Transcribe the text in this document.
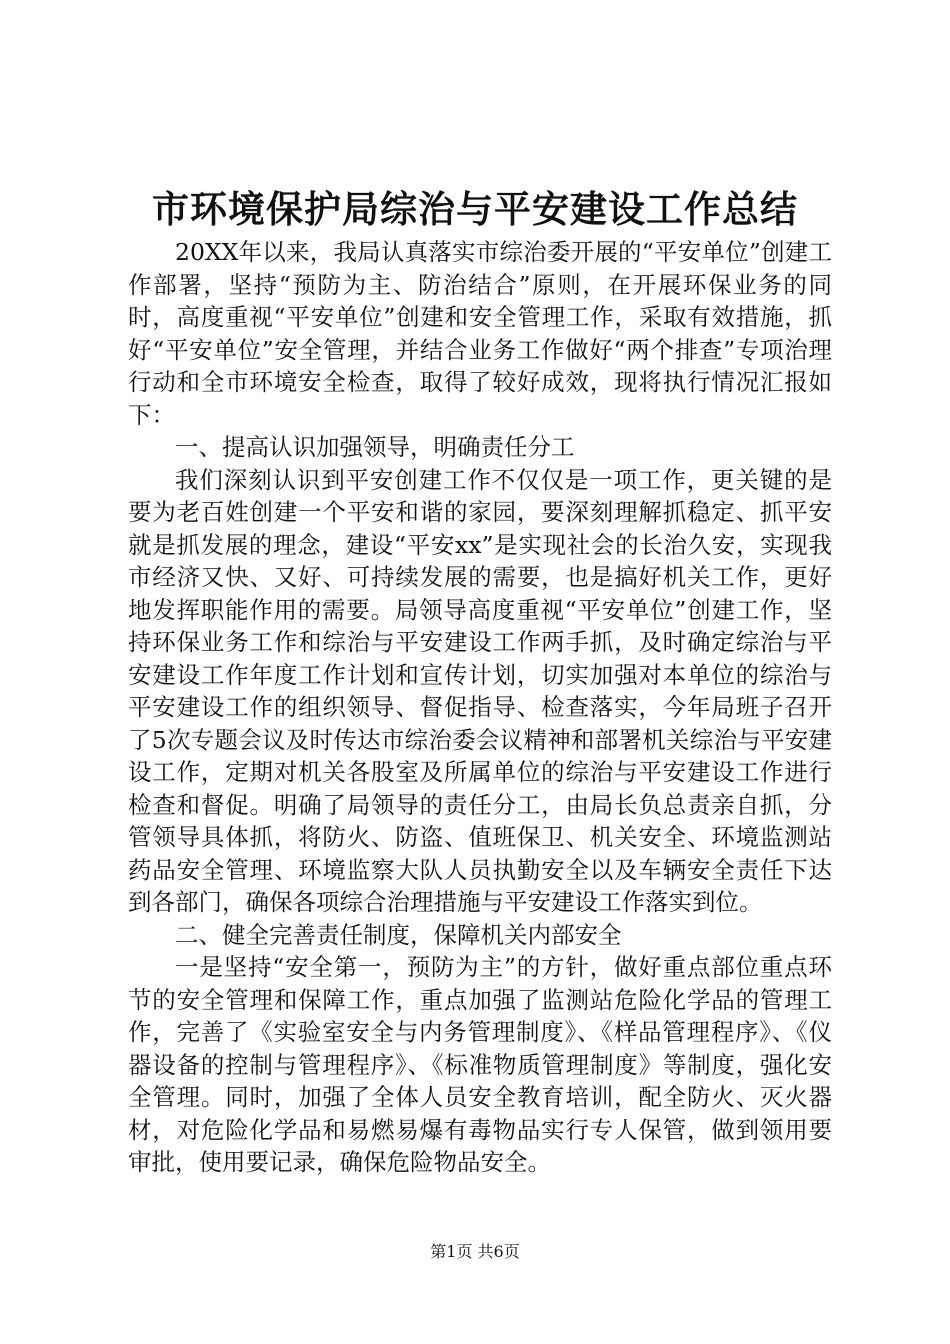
市环境保护局综治与平安建设工作总结

20XX年以来，我局认真落实市综治委开展的“平安单位”创建工作部署，坚持“预防为主、防治结合”原则，在开展环保业务的同时，高度重视“平安单位”创建和安全管理工作，采取有效措施，抓好“平安单位”安全管理，并结合业务工作做好“两个排查”专项治理行动和全市环境安全检查，取得了较好成效，现将执行情况汇报如下：

一、提高认识加强领导，明确责任分工

我们深刻认识到平安创建工作不仅仅是一项工作，更关键的是要为老百姓创建一个平安和谐的家园，要深刻理解抓稳定、抓平安就是抓发展的理念，建设“平安xx”是实现社会的长治久安，实现我市经济又快、又好、可持续发展的需要，也是搞好机关工作，更好地发挥职能作用的需要。局领导高度重视“平安单位”创建工作，坚持环保业务工作和综治与平安建设工作两手抓，及时确定综治与平安建设工作年度工作计划和宣传计划，切实加强对本单位的综治与平安建设工作的组织领导、督促指导、检查落实，今年局班子召开了5次专题会议及时传达市综治委会议精神和部署机关综治与平安建设工作，定期对机关各股室及所属单位的综治与平安建设工作进行检查和督促。明确了局领导的责任分工，由局长负总责亲自抓，分管领导具体抓，将防火、防盗、值班保卫、机关安全、环境监测站药品安全管理、环境监察大队人员执勤安全以及车辆安全责任下达到各部门，确保各项综合治理措施与平安建设工作落实到位。

二、健全完善责任制度，保障机关内部安全

一是坚持“安全第一，预防为主”的方针，做好重点部位重点环节的安全管理和保障工作，重点加强了监测站危险化学品的管理工作，完善了《实验室安全与内务管理制度》、《样品管理程序》、《仪器设备的控制与管理程序》、《标准物质管理制度》等制度，强化安全管理。同时，加强了全体人员安全教育培训，配全防火、灭火器材，对危险化学品和易燃易爆有毒物品实行专人保管，做到领用要审批，使用要记录，确保危险物品安全。

第1页 共6页
